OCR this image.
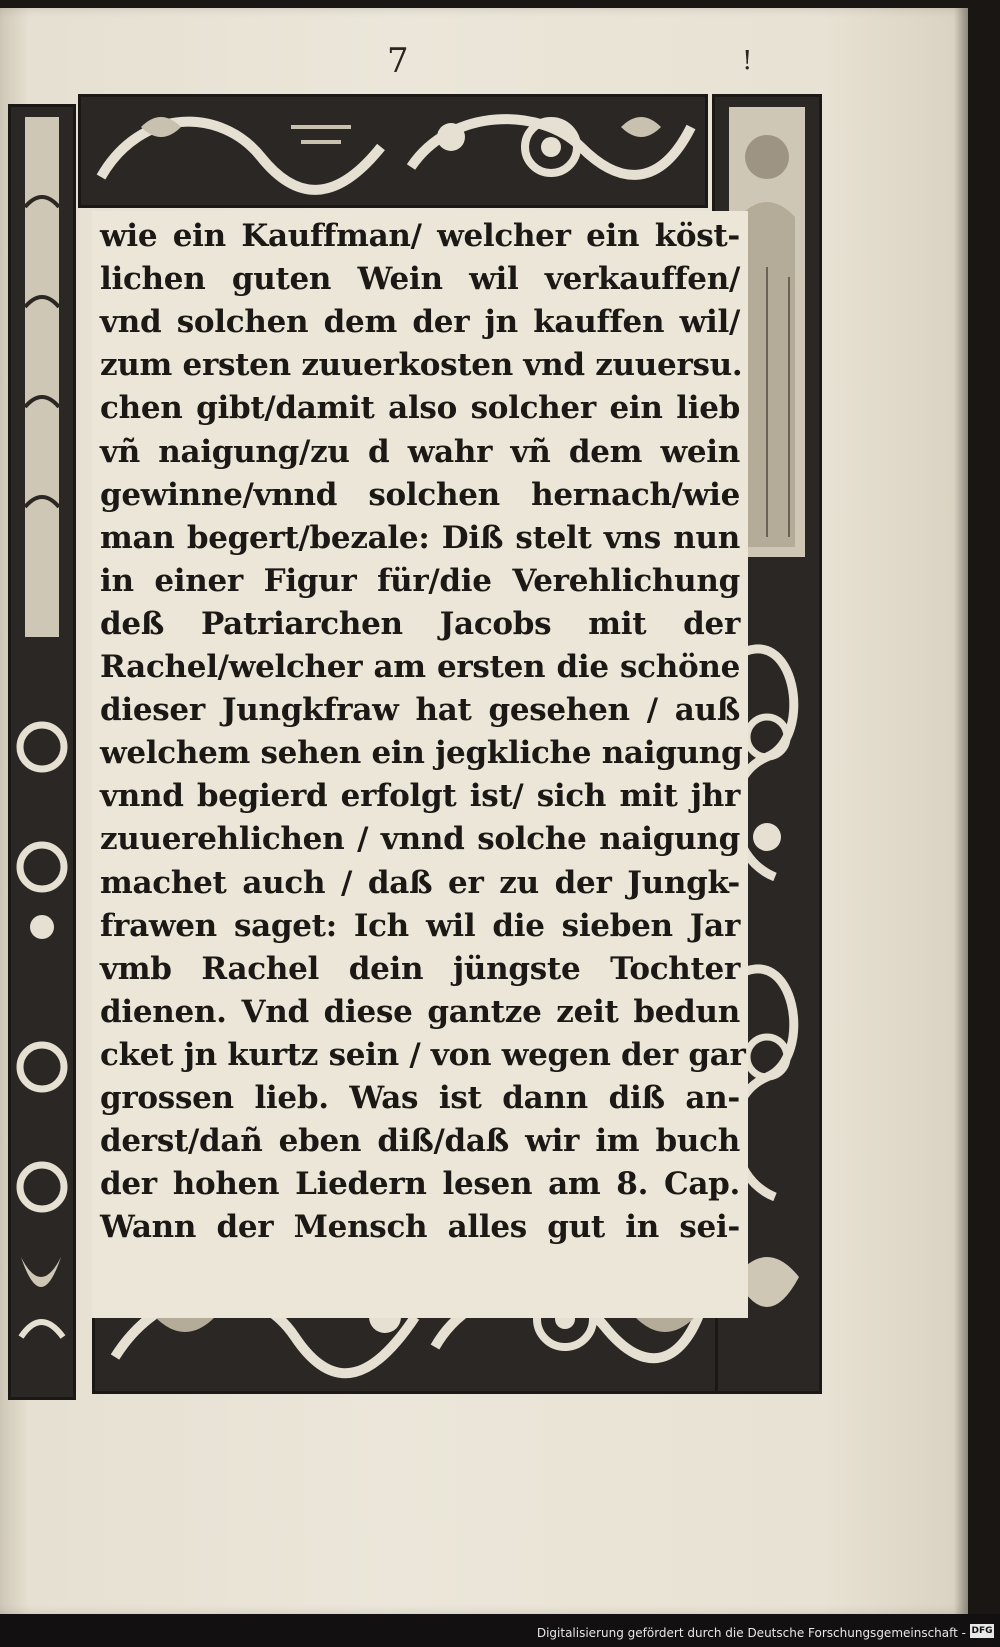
7	!
wie ein Kauffman/ welcher ein köst-
lichen guten Wein wil verkauffen/
vnd solchen dem der jn kauffen wil/
zum ersten zuuerkosten vnd zuuersu.
chen gibt/damit also solcher ein lieb
vñ naigung/zu d wahr vñ dem wein
gewinne/vnnd solchen hernach/wie
man begert/bezale: Diß stelt vns nun
in einer Figur für/die Verehlichung
deß Patriarchen Jacobs mit der
Rachel/welcher am ersten die schöne
dieser Jungkfraw hat gesehen / auß
welchem sehen ein jegkliche naigung
vnnd begierd erfolgt ist/ sich mit jhr
zuuerehlichen / vnnd solche naigung
machet auch / daß er zu der Jungk-
frawen saget: Ich wil die sieben Jar
vmb Rachel dein jüngste Tochter
dienen. Vnd diese gantze zeit bedun
cket jn kurtz sein / von wegen der gar
grossen lieb. Was ist dann diß an-
derst/dañ eben diß/daß wir im buch
der hohen Liedern lesen am 8. Cap.
Wann der Mensch alles gut in sei-
Digitalisierung gefördert durch die Deutsche Forschungsgemeinschaft - DFG
